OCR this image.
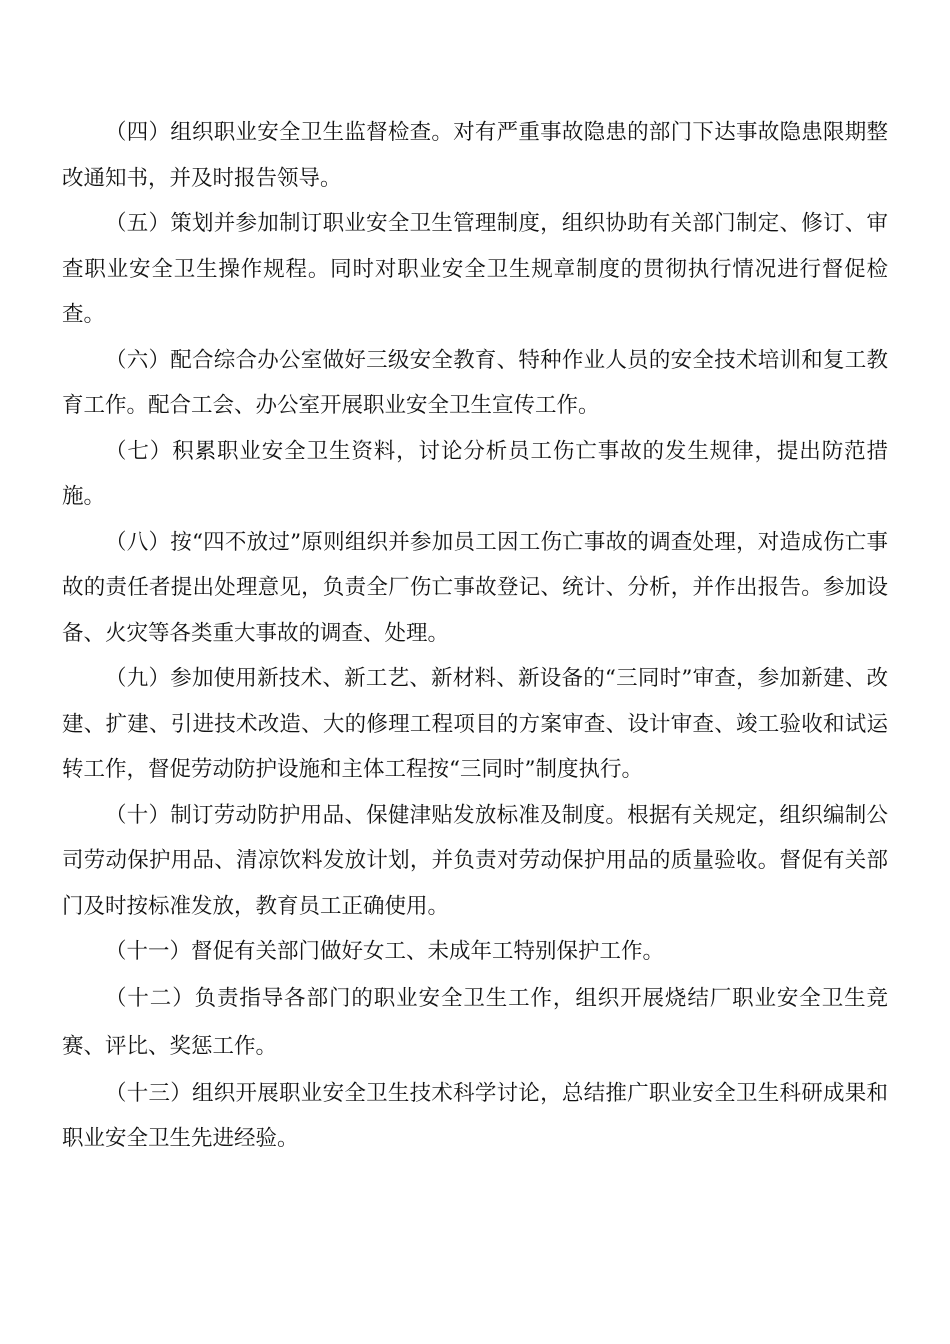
（四）组织职业安全卫生监督检查。对有严重事故隐患的部门下达事故隐患限期整改通知书，并及时报告领导。

（五）策划并参加制订职业安全卫生管理制度，组织协助有关部门制定、修订、审查职业安全卫生操作规程。同时对职业安全卫生规章制度的贯彻执行情况进行督促检查。

（六）配合综合办公室做好三级安全教育、特种作业人员的安全技术培训和复工教育工作。配合工会、办公室开展职业安全卫生宣传工作。

（七）积累职业安全卫生资料，讨论分析员工伤亡事故的发生规律，提出防范措施。

（八）按“四不放过”原则组织并参加员工因工伤亡事故的调查处理，对造成伤亡事故的责任者提出处理意见，负责全厂伤亡事故登记、统计、分析，并作出报告。参加设备、火灾等各类重大事故的调查、处理。

（九）参加使用新技术、新工艺、新材料、新设备的“三同时”审查，参加新建、改建、扩建、引进技术改造、大的修理工程项目的方案审查、设计审查、竣工验收和试运转工作，督促劳动防护设施和主体工程按“三同时”制度执行。

（十）制订劳动防护用品、保健津贴发放标准及制度。根据有关规定，组织编制公司劳动保护用品、清凉饮料发放计划，并负责对劳动保护用品的质量验收。督促有关部门及时按标准发放，教育员工正确使用。

（十一）督促有关部门做好女工、未成年工特别保护工作。

（十二）负责指导各部门的职业安全卫生工作，组织开展烧结厂职业安全卫生竞赛、评比、奖惩工作。

（十三）组织开展职业安全卫生技术科学讨论，总结推广职业安全卫生科研成果和职业安全卫生先进经验。
